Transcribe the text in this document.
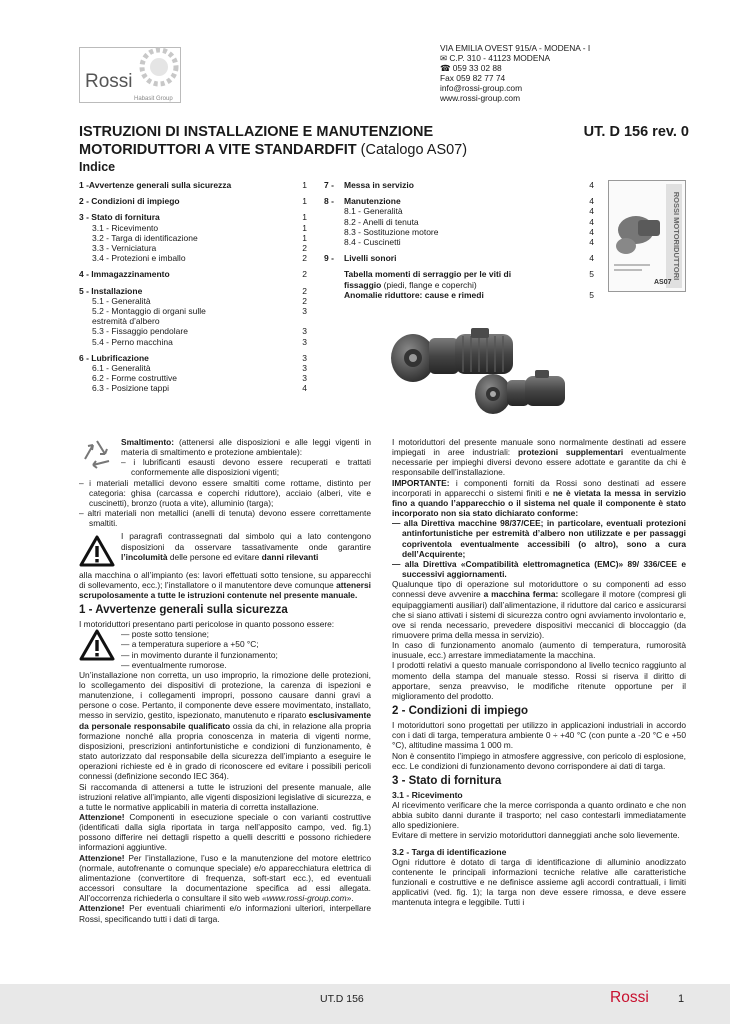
Rossi
Habasit Group
VIA EMILIA OVEST 915/A - MODENA - I
✉ C.P. 310 - 41123 MODENA
☎ 059 33 02 88
Fax 059 82 77 74
info@rossi-group.com
www.rossi-group.com
ISTRUZIONI DI INSTALLAZIONE E MANUTENZIONE	UT. D 156 rev. 0
MOTORIDUTTORI A VITE STANDARDFIT (Catalogo AS07)
Indice
1 -Avvertenze generali sulla sicurezza	1
2 - Condizioni di impiego	1
3 - Stato di fornitura	1
3.1 - Ricevimento	1
3.2 - Targa di identificazione	1
3.3 - Verniciatura	2
3.4 - Protezioni e imballo	2
4 - Immagazzinamento	2
5 - Installazione	2
5.1 - Generalità	2
5.2 - Montaggio di organi sulle	3
estremità d’albero
5.3 - Fissaggio pendolare	3
5.4 - Perno macchina	3
6 - Lubrificazione	3
6.1 - Generalità	3
6.2 - Forme costruttive	3
6.3 - Posizione tappi	4
7 - Messa in servizio	4
8 - Manutenzione	4
8.1 - Generalità	4
8.2 - Anelli di tenuta	4
8.3 - Sostituzione motore	4
8.4 - Cuscinetti	4
9 - Livelli sonori	4
Tabella momenti di serraggio per le viti di	5
fissaggio (piedi, flange e coperchi)
Anomalie riduttore: cause e rimedi	5
ROSSI MOTORIDUTTORI
AS07

Smaltimento: (attenersi alle disposizioni e alle leggi vigenti in materia di smaltimento e protezione ambientale):

– i lubrificanti esausti devono essere recuperati e trattati conformemente alle disposizioni vigenti;

– i materiali metallici devono essere smaltiti come rottame, distinto per categoria: ghisa (carcassa e coperchi riduttore), acciaio (alberi, vite e cuscinetti), bronzo (ruota a vite), alluminio (targa);

– altri materiali non metallici (anelli di tenuta) devono essere correttamente smaltiti.

I paragrafi contrassegnati dal simbolo qui a lato contengono disposizioni da osservare tassativamente onde garantire l’incolumità delle persone ed evitare danni rilevanti

alla macchina o all’impianto (es: lavori effettuati sotto tensione, su apparecchi di sollevamento, ecc.); l’installatore o il manutentore deve comunque attenersi scrupolosamente a tutte le istruzioni contenute nel presente manuale.

1 - Avvertenze generali sulla sicurezza

I motoriduttori presentano parti pericolose in quanto possono essere:

— poste sotto tensione;

— a temperatura superiore a +50 °C;

— in movimento durante il funzionamento;

— eventualmente rumorose.

Un’installazione non corretta, un uso improprio, la rimozione delle protezioni, lo scollegamento dei dispositivi di protezione, la carenza di ispezioni e manutenzione, i collegamenti impropri, possono causare danni gravi a persone o cose. Pertanto, il componente deve essere movimentato, installato, messo in servizio, gestito, ispezionato, manutenuto e riparato esclusivamente da personale responsabile qualificato ossia da chi, in relazione alla propria formazione nonché alla propria conoscenza in materia di vigenti norme, disposizioni, prescrizioni antinfortunistiche e condizioni di funzionamento, è stato autorizzato dal responsabile della sicurezza dell’impianto a eseguire le operazioni richieste ed è in grado di riconoscere ed evitare i possibili pericoli connessi (definizione secondo IEC 364).

Si raccomanda di attenersi a tutte le istruzioni del presente manuale, alle istruzioni relative all’impianto, alle vigenti disposizioni legislative di sicurezza, e a tutte le normative applicabili in materia di corretta installazione.

Attenzione! Componenti in esecuzione speciale o con varianti costruttive (identificati dalla sigla riportata in targa nell’apposito campo, ved. fig.1) possono differire nei dettagli rispetto a quelli descritti e possono richiedere informazioni aggiuntive.

Attenzione! Per l’installazione, l’uso e la manutenzione del motore elettrico (normale, autofrenante o comunque speciale) e/o apparecchiatura elettrica di alimentazione (convertitore di frequenza, soft-start ecc.), ed eventuali accessori consultare la documentazione specifica ad essi allegata. All’occorrenza richiederla o consultare il sito web «www.rossi-group.com».

Attenzione! Per eventuali chiarimenti e/o informazioni ulteriori, interpellare Rossi, specificando tutti i dati di targa.

I motoriduttori del presente manuale sono normalmente destinati ad essere impiegati in aree industriali: protezioni supplementari eventualmente necessarie per impieghi diversi devono essere adottate e garantite da chi è responsabile dell’installazione.

IMPORTANTE: i componenti forniti da Rossi sono destinati ad essere incorporati in apparecchi o sistemi finiti e ne è vietata la messa in servizio fino a quando l’apparecchio o il sistema nel quale il componente è stato incorporato non sia stato dichiarato conforme:

— alla Direttiva macchine 98/37/CEE; in particolare, eventuali protezioni antinfortunistiche per estremità d’albero non utilizzate e per passaggi copriventola eventualmente accessibili (o altro), sono a cura dell’Acquirente;

— alla Direttiva «Compatibilità elettromagnetica (EMC)» 89/ 336/CEE e successivi aggiornamenti.

Qualunque tipo di operazione sul motoriduttore o su componenti ad esso connessi deve avvenire a macchina ferma: scollegare il motore (compresi gli equipaggiamenti ausiliari) dall’alimentazione, il riduttore dal carico e assicurarsi che si siano attivati i sistemi di sicurezza contro ogni avviamento involontario e, ove si renda necessario, prevedere dispositivi meccanici di bloccaggio (da rimuovere prima della messa in servizio).

In caso di funzionamento anomalo (aumento di temperatura, rumorosità inusuale, ecc.) arrestare immediatamente la macchina.

I prodotti relativi a questo manuale corrispondono al livello tecnico raggiunto al momento della stampa del manuale stesso. Rossi si riserva il diritto di apportare, senza preavviso, le modifiche ritenute opportune per il miglioramento del prodotto.

2 - Condizioni di impiego

I motoriduttori sono progettati per utilizzo in applicazioni industriali in accordo con i dati di targa, temperatura ambiente 0 ÷ +40 °C (con punte a -20 °C e +50 °C), altitudine massima 1 000 m.

Non è consentito l’impiego in atmosfere aggressive, con pericolo di esplosione, ecc. Le condizioni di funzionamento devono corrispondere ai dati di targa.

3 - Stato di fornitura
3.1 - Ricevimento

Al ricevimento verificare che la merce corrisponda a quanto ordinato e che non abbia subito danni durante il trasporto; nel caso contestarli immediatamente allo spedizioniere.

Evitare di mettere in servizio motoriduttori danneggiati anche solo lievemente.

3.2 - Targa di identificazione

Ogni riduttore è dotato di targa di identificazione di alluminio anodizzato contenente le principali informazioni tecniche relative alle caratteristiche funzionali e costruttive e ne definisce assieme agli accordi contrattuali, i limiti applicativi (ved. fig. 1); la targa non deve essere rimossa, e deve essere mantenuta integra e leggibile. Tutti i

UT.D 156	Rossi	1
